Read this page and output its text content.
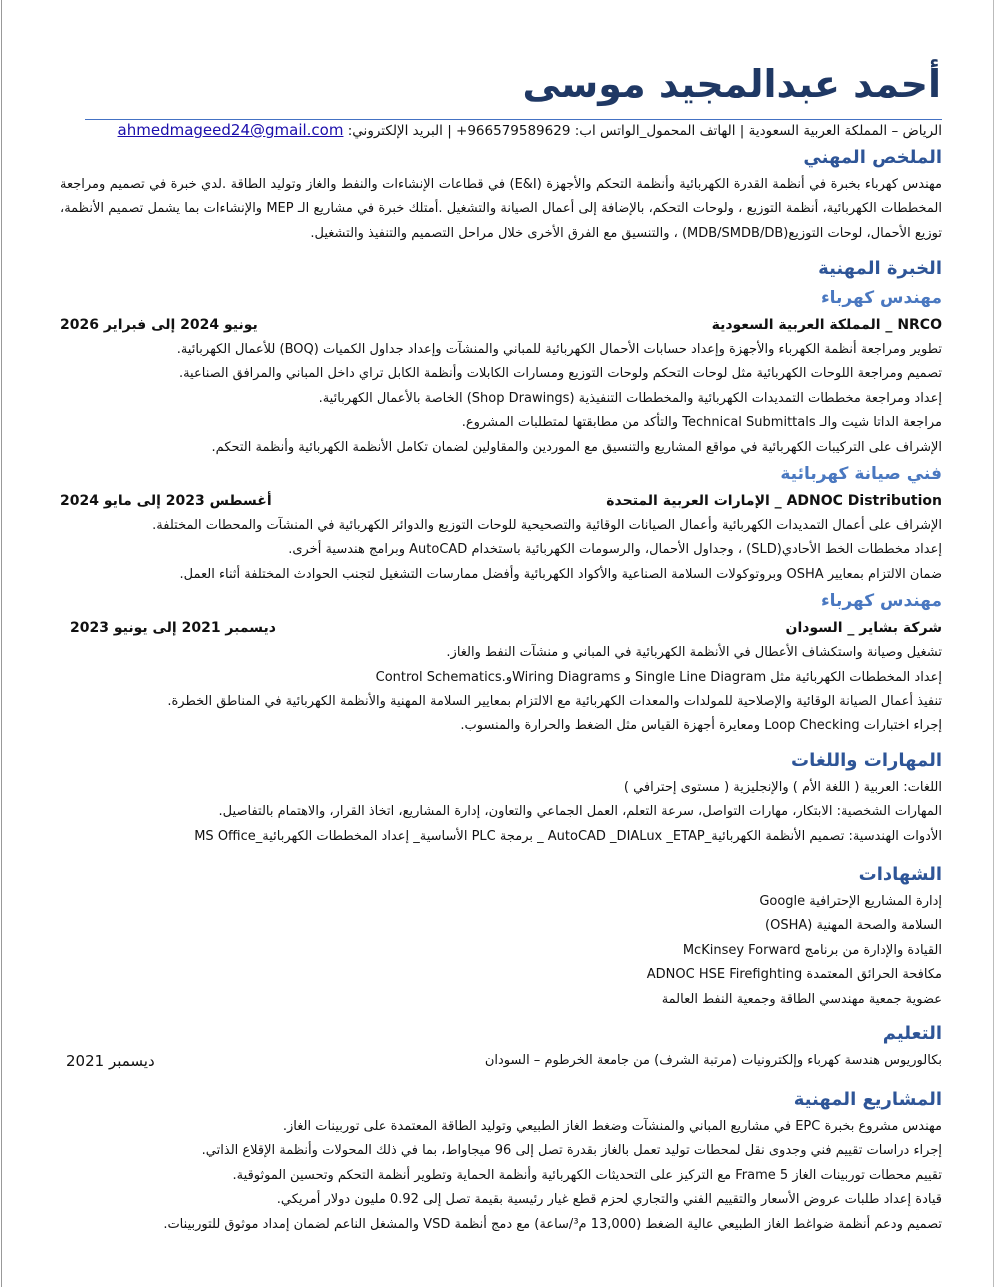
أحمد عبدالمجيد موسى
الرياض – المملكة العربية السعودية | الهاتف المحمول_الواتس اب: 966579589629+ | البريد الإلكتروني: ahmedmageed24@gmail.com
الملخص المهني
مهندس كهرباء بخبرة في أنظمة القدرة الكهربائية وأنظمة التحكم والأجهزة (E&I) في قطاعات الإنشاءات والنفط والغاز وتوليد الطاقة .لدي خبرة في تصميم ومراجعة المخططات الكهربائية، أنظمة التوزيع ، ولوحات التحكم، بالإضافة إلى أعمال الصيانة والتشغيل .أمتلك خبرة في مشاريع الـ MEP والإنشاءات بما يشمل تصميم الأنظمة، توزيع الأحمال، لوحات التوزيع(MDB/SMDB/DB) ، والتنسيق مع الفرق الأخرى خلال مراحل التصميم والتنفيذ والتشغيل.
الخبرة المهنية
مهندس كهرباء
NRCO _ المملكة العربية السعودية
يونيو 2024 إلى فبراير 2026
تطوير ومراجعة أنظمة الكهرباء والأجهزة وإعداد حسابات الأحمال الكهربائية للمباني والمنشآت وإعداد جداول الكميات (BOQ) للأعمال الكهربائية.
تصميم ومراجعة اللوحات الكهربائية مثل لوحات التحكم ولوحات التوزيع ومسارات الكابلات وأنظمة الكابل تراي داخل المباني والمرافق الصناعية.
إعداد ومراجعة مخططات التمديدات الكهربائية والمخططات التنفيذية (Shop Drawings) الخاصة بالأعمال الكهربائية.
مراجعة الداتا شيت والـ Technical Submittals والتأكد من مطابقتها لمتطلبات المشروع.
الإشراف على التركيبات الكهربائية في مواقع المشاريع والتنسيق مع الموردين والمقاولين لضمان تكامل الأنظمة الكهربائية وأنظمة التحكم.
فني صيانة كهربائية
ADNOC Distribution _ الإمارات العربية المتحدة
أغسطس 2023 إلى مايو 2024
الإشراف على أعمال التمديدات الكهربائية وأعمال الصيانات الوقائية والتصحيحية للوحات التوزيع والدوائر الكهربائية في المنشآت والمحطات المختلفة.
إعداد مخططات الخط الأحادي(SLD) ، وجداول الأحمال، والرسومات الكهربائية باستخدام AutoCAD وبرامج هندسية أخرى.
ضمان الالتزام بمعايير OSHA وبروتوكولات السلامة الصناعية والأكواد الكهربائية وأفضل ممارسات التشغيل لتجنب الحوادث المختلفة أثناء العمل.
مهندس كهرباء
شركة بشاير _ السودان
ديسمبر 2021 إلى يونيو 2023
تشغيل وصيانة واستكشاف الأعطال في الأنظمة الكهربائية في المباني و منشآت النفط والغاز.
إعداد المخططات الكهربائية مثل Single Line Diagram و Wiring Diagramsو.Control Schematics
تنفيذ أعمال الصيانة الوقائية والإصلاحية للمولدات والمعدات الكهربائية مع الالتزام بمعايير السلامة المهنية والأنظمة الكهربائية في المناطق الخطرة.
إجراء اختبارات Loop Checking ومعايرة أجهزة القياس مثل الضغط والحرارة والمنسوب.
المهارات واللغات
اللغات: العربية ( اللغة الأم ) والإنجليزية ( مستوى إحترافي )
المهارات الشخصية: الابتكار، مهارات التواصل، سرعة التعلم، العمل الجماعي والتعاون، إدارة المشاريع، اتخاذ القرار، والاهتمام بالتفاصيل.
الأدوات الهندسية: تصميم الأنظمة الكهربائية_AutoCAD _DIALux _ETAP _ برمجة PLC الأساسية_ إعداد المخططات الكهربائية_MS Office
الشهادات
إدارة المشاريع الإحترافية Google
السلامة والصحة المهنية (OSHA)
القيادة والإدارة من برنامج McKinsey Forward
مكافحة الحرائق المعتمدة ADNOC HSE Firefighting
عضوية جمعية مهندسي الطاقة وجمعية النفط العالمة
التعليم
بكالوريوس هندسة كهرباء وإلكترونيات (مرتبة الشرف) من جامعة الخرطوم – السودان
ديسمبر 2021
المشاريع المهنية
مهندس مشروع بخبرة EPC في مشاريع المباني والمنشآت وضغط الغاز الطبيعي وتوليد الطاقة المعتمدة على توربينات الغاز.
إجراء دراسات تقييم فني وجدوى نقل لمحطات توليد تعمل بالغاز بقدرة تصل إلى 96 ميجاواط، بما في ذلك المحولات وأنظمة الإقلاع الذاتي.
تقييم محطات توربينات الغاز Frame 5 مع التركيز على التحديثات الكهربائية وأنظمة الحماية وتطوير أنظمة التحكم وتحسين الموثوقية.
قيادة إعداد طلبات عروض الأسعار والتقييم الفني والتجاري لحزم قطع غيار رئيسية بقيمة تصل إلى 0.92 مليون دولار أمريكي.
تصميم ودعم أنظمة ضواغط الغاز الطبيعي عالية الضغط (13,000 م³/ساعة) مع دمج أنظمة VSD والمشغل الناعم لضمان إمداد موثوق للتوربينات.
